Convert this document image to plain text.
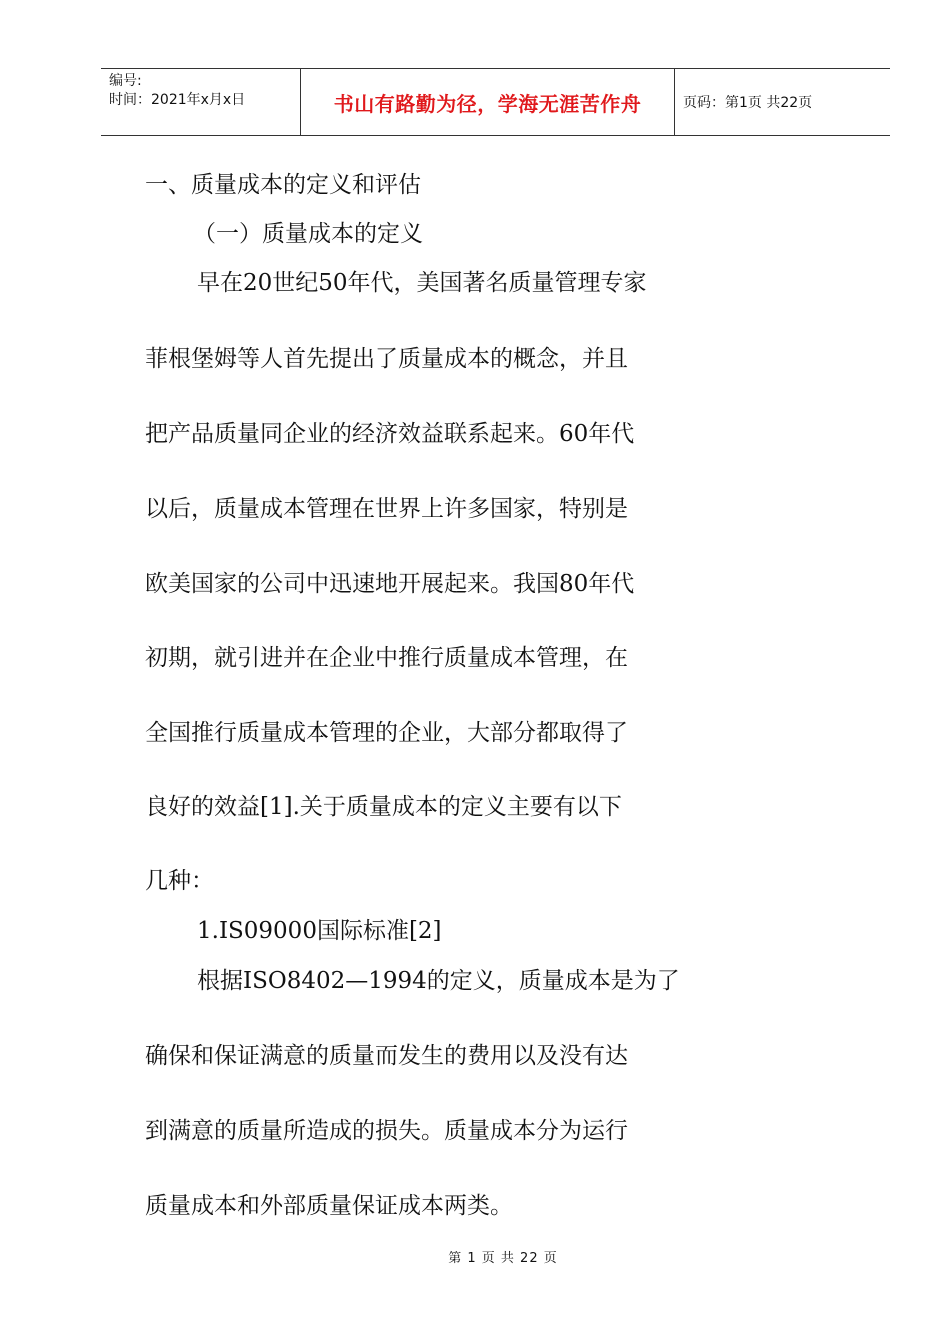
编号:
时间：2021年x月x日	书山有路勤为径，学海无涯苦作舟	页码：第1页 共22页
一、质量成本的定义和评估
（一）质量成本的定义
早在20世纪50年代，美国著名质量管理专家
菲根堡姆等人首先提出了质量成本的概念，并且
把产品质量同企业的经济效益联系起来。60年代
以后，质量成本管理在世界上许多国家，特别是
欧美国家的公司中迅速地开展起来。我国80年代
初期，就引进并在企业中推行质量成本管理，在
全国推行质量成本管理的企业，大部分都取得了
良好的效益[1].关于质量成本的定义主要有以下
几种：
1.IS09000国际标准[2]
根据ISO8402—1994的定义，质量成本是为了
确保和保证满意的质量而发生的费用以及没有达
到满意的质量所造成的损失。质量成本分为运行
质量成本和外部质量保证成本两类。
第 1 页 共 22 页
